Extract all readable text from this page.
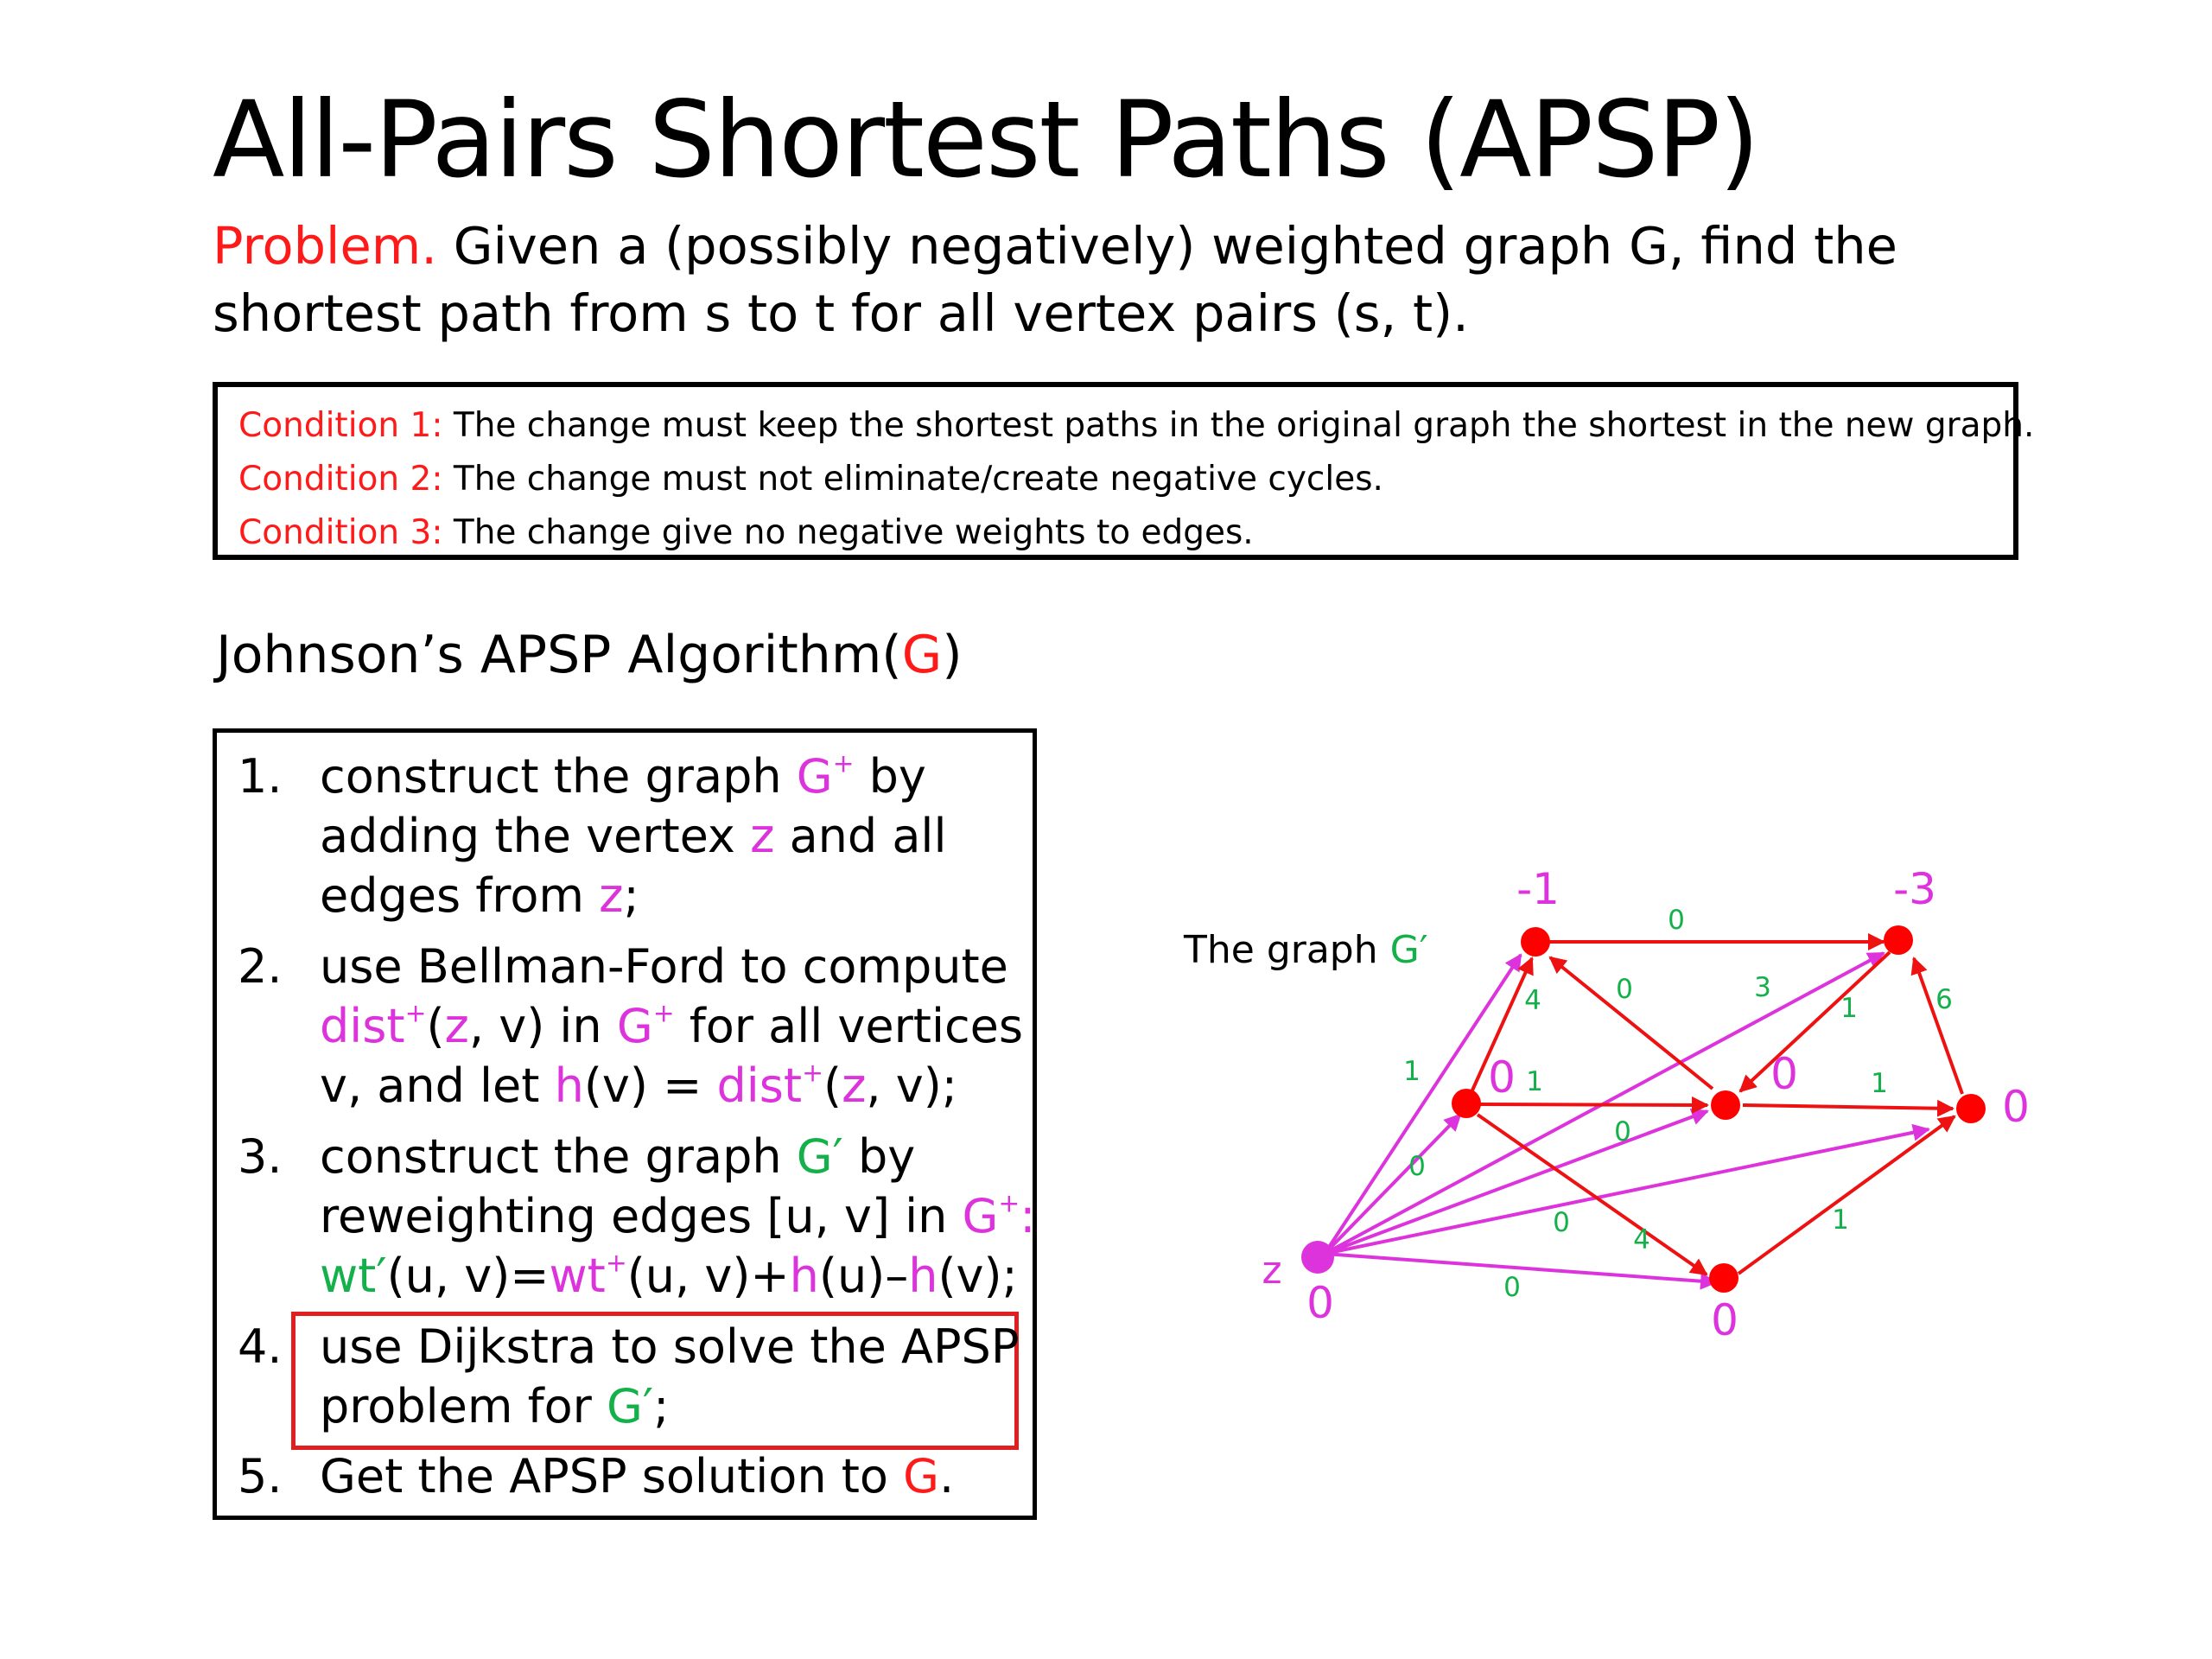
All-Pairs Shortest Paths (APSP)
Problem. Given a (possibly negatively) weighted graph G, find the
shortest path from s to t for all vertex pairs (s, t).
Condition 1: The change must keep the shortest paths in the original graph the shortest in the new graph.
Condition 2: The change must not eliminate/create negative cycles.
Condition 3: The change give no negative weights to edges.
Johnson’s APSP Algorithm(G)
1. construct the graph G+ by
adding the vertex z and all
edges from z;
2. use Bellman-Ford to compute
dist+(z, v) in G+ for all vertices
v, and let h(v) = dist+(z, v);
3. construct the graph G′ by
reweighting edges [u, v] in G+:
wt′(u, v)=wt+(u, v)+h(u)–h(v);
4. use Dijkstra to solve the APSP
problem for G′;
5. Get the APSP solution to G.
The graph G′
0
4	0	3
1	6
1	1
4
1
1
0
0
0
0
-1	-3
0	0
0
0
0
z
